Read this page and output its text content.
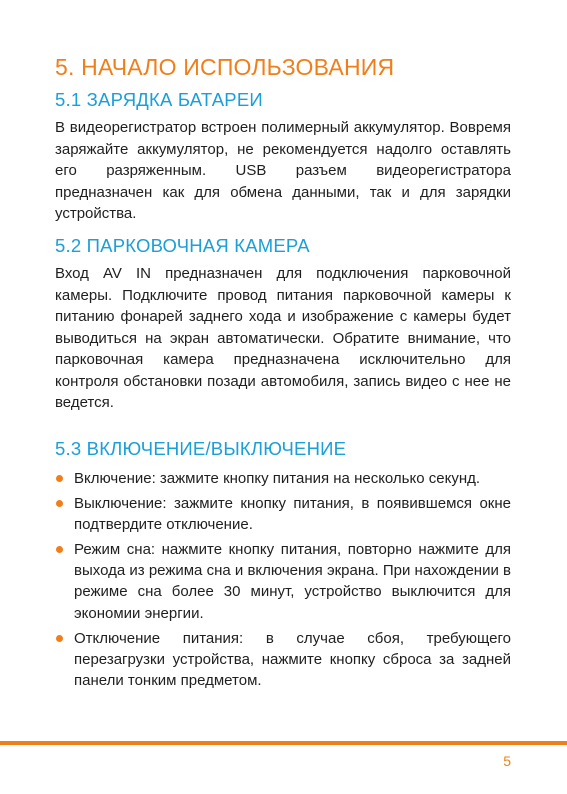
5. НАЧАЛО ИСПОЛЬЗОВАНИЯ
5.1 ЗАРЯДКА БАТАРЕИ

В видеорегистратор встроен полимерный аккумулятор. Вовремя заряжайте аккумулятор, не рекомендуется надолго оставлять его разряженным. USB разъем видеорегистратора предназначен как для обмена данными, так и для зарядки устройства.

5.2 ПАРКОВОЧНАЯ КАМЕРА

Вход AV IN предназначен для подключения парковочной камеры. Подключите провод питания парковочной камеры к питанию фонарей заднего хода и изображение с камеры будет выводиться на экран автоматически. Обратите внимание, что парковочная камера предназначена исключительно для контроля обстановки позади автомобиля, запись видео с нее не ведется.

5.3 ВКЛЮЧЕНИЕ/ВЫКЛЮЧЕНИЕ
Включение: зажмите кнопку питания на несколько секунд.
Выключение: зажмите кнопку питания, в появившемся окне подтвердите отключение.
Режим сна: нажмите кнопку питания, повторно нажмите для выхода из режима сна и включения экрана. При нахождении в режиме сна более 30 минут, устройство выключится для экономии энергии.
Отключение питания: в случае сбоя, требующего перезагрузки устройства, нажмите кнопку сброса за задней панели тонким предметом.
5
